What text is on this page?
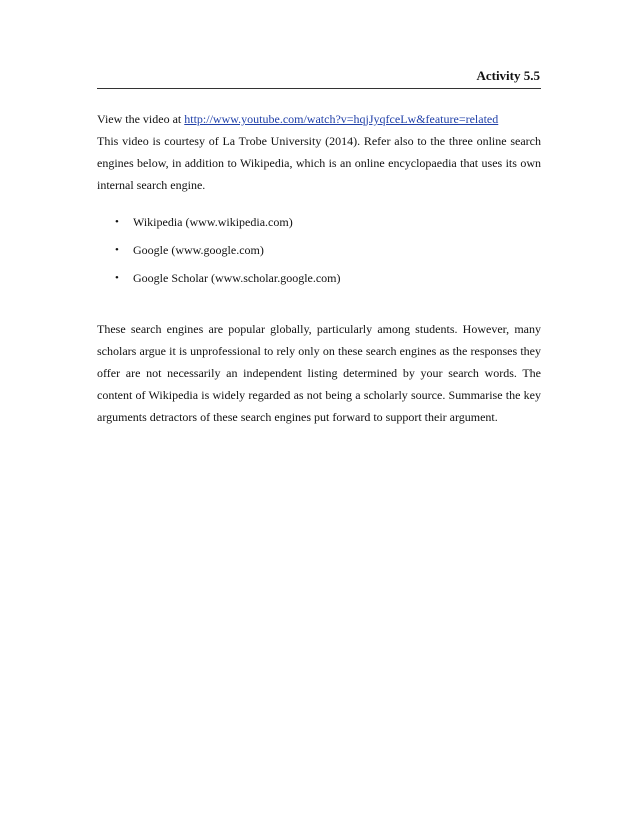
Activity 5.5

View the video at http://www.youtube.com/watch?v=hqjJyqfceLw&feature=related

This video is courtesy of La Trobe University (2014). Refer also to the three online search engines below, in addition to Wikipedia, which is an online encyclopaedia that uses its own internal search engine.

• Wikipedia (www.wikipedia.com)
• Google (www.google.com)
• Google Scholar (www.scholar.google.com)

These search engines are popular globally, particularly among students. However, many scholars argue it is unprofessional to rely only on these search engines as the responses they offer are not necessarily an independent listing determined by your search words. The content of Wikipedia is widely regarded as not being a scholarly source. Summarise the key arguments detractors of these search engines put forward to support their argument.
